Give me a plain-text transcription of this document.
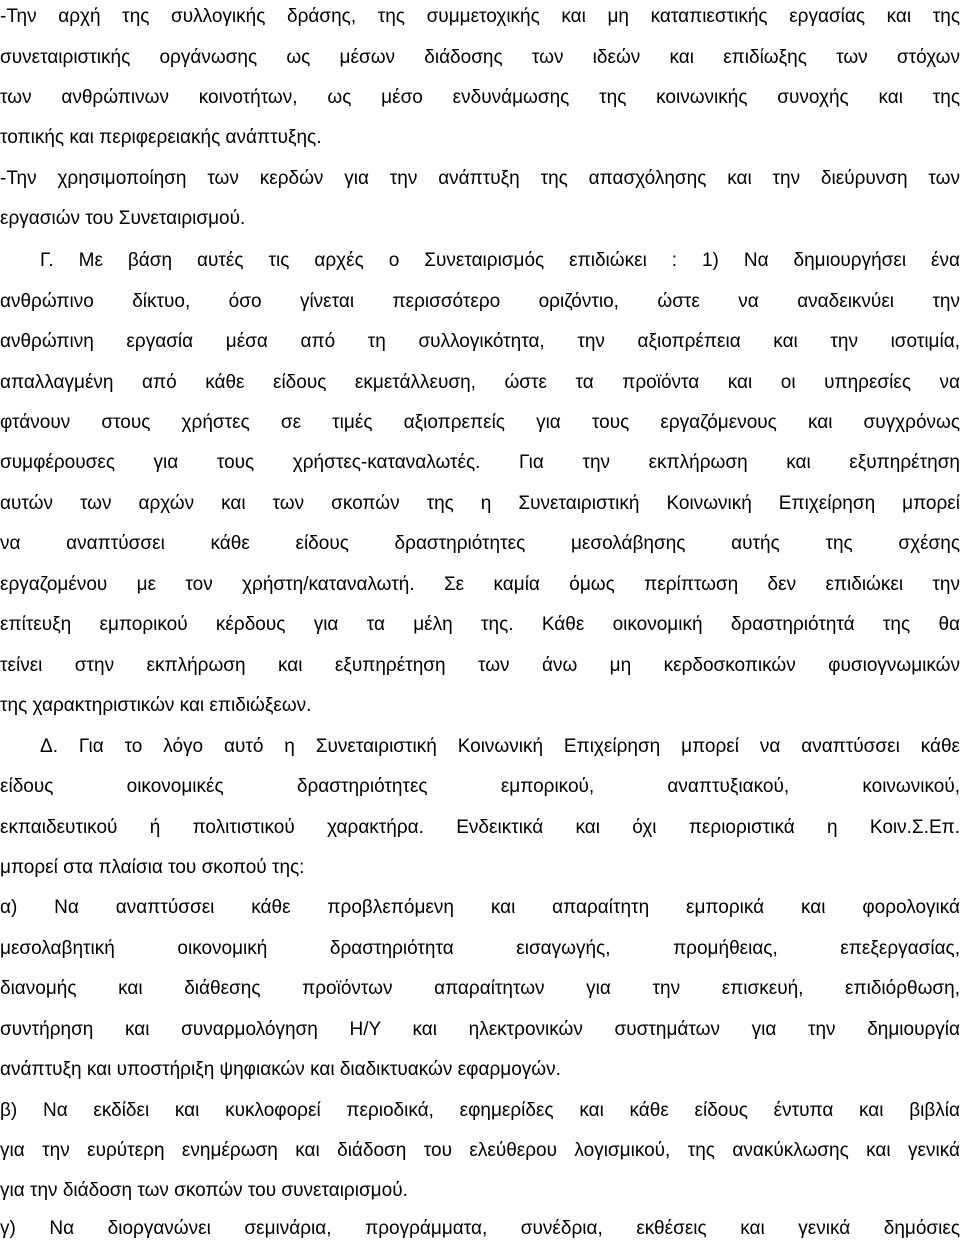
-Την αρχή της συλλογικής δράσης, της συμμετοχικής και μη καταπιεστικής εργασίας και της
συνεταιριστικής οργάνωσης ως μέσων διάδοσης των ιδεών και επιδίωξης των στόχων
των ανθρώπινων κοινοτήτων, ως μέσο ενδυνάμωσης της κοινωνικής συνοχής και της
τοπικής και περιφερειακής ανάπτυξης.
-Την χρησιμοποίηση των κερδών για την ανάπτυξη της απασχόλησης και την διεύρυνση των
εργασιών του Συνεταιρισμού.
Γ. Με βάση αυτές τις αρχές ο Συνεταιρισμός επιδιώκει : 1) Να δημιουργήσει ένα
ανθρώπινο δίκτυο, όσο γίνεται περισσότερο οριζόντιο, ώστε να αναδεικνύει την
ανθρώπινη εργασία μέσα από τη συλλογικότητα, την αξιοπρέπεια και την ισοτιμία,
απαλλαγμένη από κάθε είδους εκμετάλλευση, ώστε τα προϊόντα και οι υπηρεσίες να
φτάνουν στους χρήστες σε τιμές αξιοπρεπείς για τους εργαζόμενους και συγχρόνως
συμφέρουσες για τους χρήστες-καταναλωτές. Για την εκπλήρωση και εξυπηρέτηση
αυτών των αρχών και των σκοπών της η Συνεταιριστική Κοινωνική Επιχείρηση μπορεί
να αναπτύσσει κάθε είδους δραστηριότητες μεσολάβησης αυτής της σχέσης
εργαζομένου με τον χρήστη/καταναλωτή. Σε καμία όμως περίπτωση δεν επιδιώκει την
επίτευξη εμπορικού κέρδους για τα μέλη της. Κάθε οικονομική δραστηριότητά της θα
τείνει στην εκπλήρωση και εξυπηρέτηση των άνω μη κερδοσκοπικών φυσιογνωμικών
της χαρακτηριστικών και επιδιώξεων.
Δ. Για το λόγο αυτό η Συνεταιριστική Κοινωνική Επιχείρηση μπορεί να αναπτύσσει κάθε
είδους οικονομικές δραστηριότητες εμπορικού, αναπτυξιακού, κοινωνικού,
εκπαιδευτικού ή πολιτιστικού χαρακτήρα. Ενδεικτικά και όχι περιοριστικά η Κοιν.Σ.Επ.
μπορεί στα πλαίσια του σκοπού της:
α) Να αναπτύσσει κάθε προβλεπόμενη και απαραίτητη εμπορικά και φορολογικά
μεσολαβητική οικονομική δραστηριότητα εισαγωγής, προμήθειας, επεξεργασίας,
διανομής και διάθεσης προϊόντων απαραίτητων για την επισκευή, επιδιόρθωση,
συντήρηση και συναρμολόγηση Η/Υ και ηλεκτρονικών συστημάτων για την δημιουργία
ανάπτυξη και υποστήριξη ψηφιακών και διαδικτυακών εφαρμογών.
β) Να εκδίδει και κυκλοφορεί περιοδικά, εφημερίδες και κάθε είδους έντυπα και βιβλία
για την ευρύτερη ενημέρωση και διάδοση του ελεύθερου λογισμικού, της ανακύκλωσης και γενικά
για την διάδοση των σκοπών του συνεταιρισμού.
γ) Να διοργανώνει σεμινάρια, προγράμματα, συνέδρια, εκθέσεις και γενικά δημόσιες
